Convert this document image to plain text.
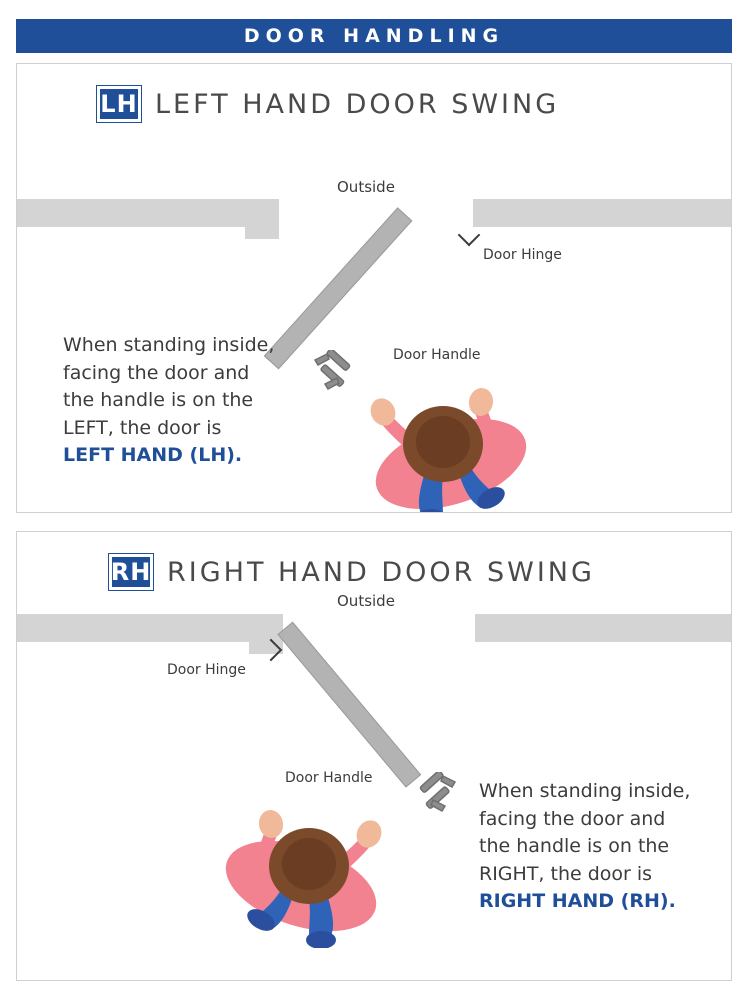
DOOR HANDLING
LH LEFT HAND DOOR SWING
Outside
Door Hinge
Door Handle
When standing inside,
facing the door and
the handle is on the
LEFT, the door is
LEFT HAND (LH).
RH RIGHT HAND DOOR SWING
Outside
Door Hinge
Door Handle
When standing inside,
facing the door and
the handle is on the
RIGHT, the door is
RIGHT HAND (RH).
